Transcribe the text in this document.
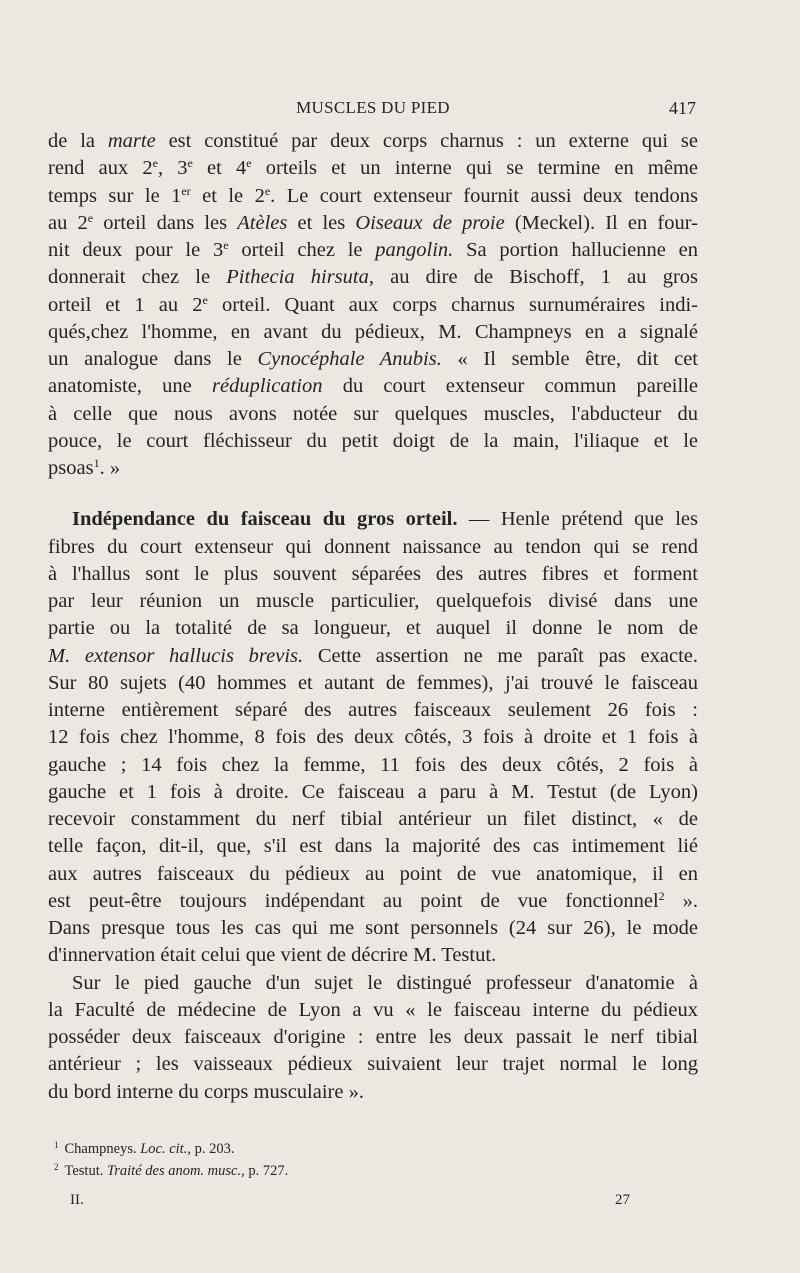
MUSCLES DU PIED	417
de la marte est constitué par deux corps charnus : un externe qui se
rend aux 2e, 3e et 4e orteils et un interne qui se termine en même
temps sur le 1er et le 2e. Le court extenseur fournit aussi deux tendons
au 2e orteil dans les Atèles et les Oiseaux de proie (Meckel). Il en four-
nit deux pour le 3e orteil chez le pangolin. Sa portion hallucienne en
donnerait chez le Pithecia hirsuta, au dire de Bischoff, 1 au gros
orteil et 1 au 2e orteil. Quant aux corps charnus surnuméraires indi-
qués,chez l'homme, en avant du pédieux, M. Champneys en a signalé
un analogue dans le Cynocéphale Anubis. « Il semble être, dit cet
anatomiste, une réduplication du court extenseur commun pareille
à celle que nous avons notée sur quelques muscles, l'abducteur du
pouce, le court fléchisseur du petit doigt de la main, l'iliaque et le
psoas$^1$. »
Indépendance du faisceau du gros orteil. — Henle prétend que les
fibres du court extenseur qui donnent naissance au tendon qui se rend
à l'hallus sont le plus souvent séparées des autres fibres et forment
par leur réunion un muscle particulier, quelquefois divisé dans une
partie ou la totalité de sa longueur, et auquel il donne le nom de
M. extensor hallucis brevis. Cette assertion ne me paraît pas exacte.
Sur 80 sujets (40 hommes et autant de femmes), j'ai trouvé le faisceau
interne entièrement séparé des autres faisceaux seulement 26 fois :
12 fois chez l'homme, 8 fois des deux côtés, 3 fois à droite et 1 fois à
gauche ; 14 fois chez la femme, 11 fois des deux côtés, 2 fois à
gauche et 1 fois à droite. Ce faisceau a paru à M. Testut (de Lyon)
recevoir constamment du nerf tibial antérieur un filet distinct, « de
telle façon, dit-il, que, s'il est dans la majorité des cas intimement lié
aux autres faisceaux du pédieux au point de vue anatomique, il en
est peut-être toujours indépendant au point de vue fonctionnel$^2$ ».
Dans presque tous les cas qui me sont personnels (24 sur 26), le mode
d'innervation était celui que vient de décrire M. Testut.
Sur le pied gauche d'un sujet le distingué professeur d'anatomie à
la Faculté de médecine de Lyon a vu « le faisceau interne du pédieux
posséder deux faisceaux d'origine : entre les deux passait le nerf tibial
antérieur ; les vaisseaux pédieux suivaient leur trajet normal le long
du bord interne du corps musculaire ».
$^1$ Champneys. Loc. cit., p. 203.
$^2$ Testut. Traité des anom. musc., p. 727.
II.	27
